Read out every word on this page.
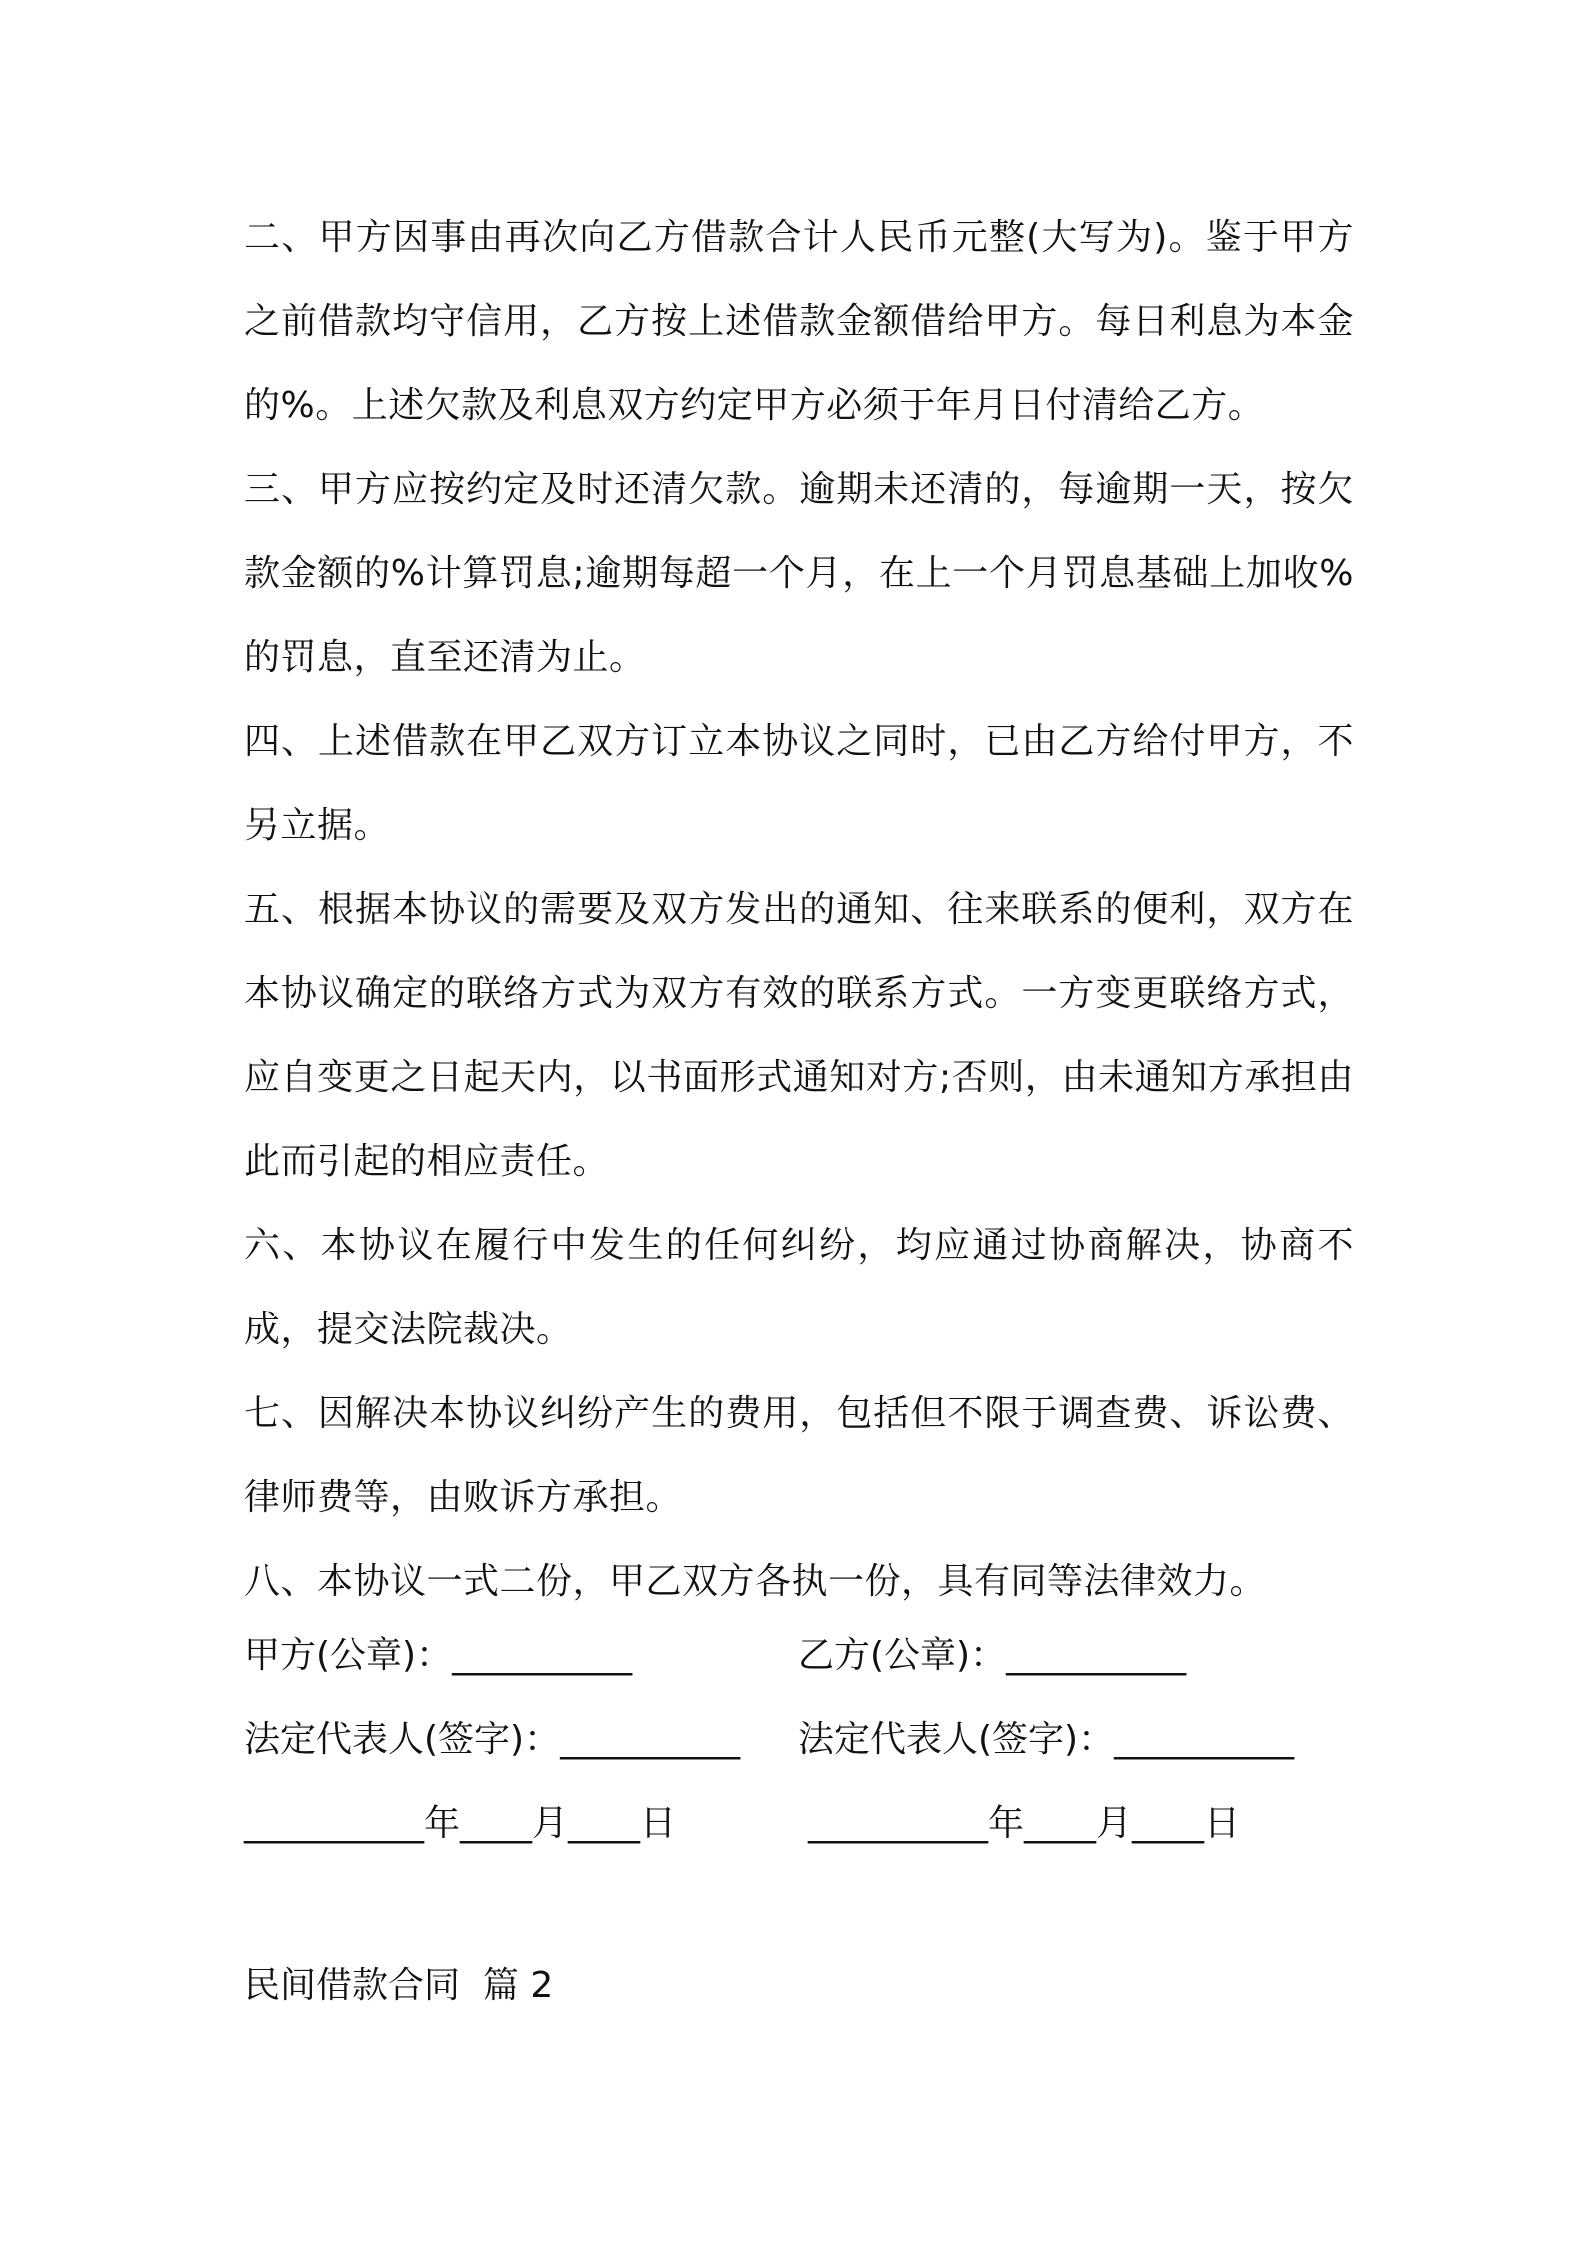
二、甲方因事由再次向乙方借款合计人民币元整(大写为)。鉴于甲方之前借款均守信用，乙方按上述借款金额借给甲方。每日利息为本金的%。上述欠款及利息双方约定甲方必须于年月日付清给乙方。

三、甲方应按约定及时还清欠款。逾期未还清的，每逾期一天，按欠款金额的%计算罚息;逾期每超一个月，在上一个月罚息基础上加收%的罚息，直至还清为止。

四、上述借款在甲乙双方订立本协议之同时，已由乙方给付甲方，不另立据。

五、根据本协议的需要及双方发出的通知、往来联系的便利，双方在本协议确定的联络方式为双方有效的联系方式。一方变更联络方式，应自变更之日起天内，以书面形式通知对方;否则，由未通知方承担由此而引起的相应责任。

六、本协议在履行中发生的任何纠纷，均应通过协商解决，协商不成，提交法院裁决。

七、因解决本协议纠纷产生的费用，包括但不限于调查费、诉讼费、律师费等，由败诉方承担。

八、本协议一式二份，甲乙双方各执一份，具有同等法律效力。

甲方(公章)：__________	乙方(公章)：__________
法定代表人(签字)：__________ 法定代表人(签字)：__________
__________年____月____日	__________年____月____日
民间借款合同  篇 2
